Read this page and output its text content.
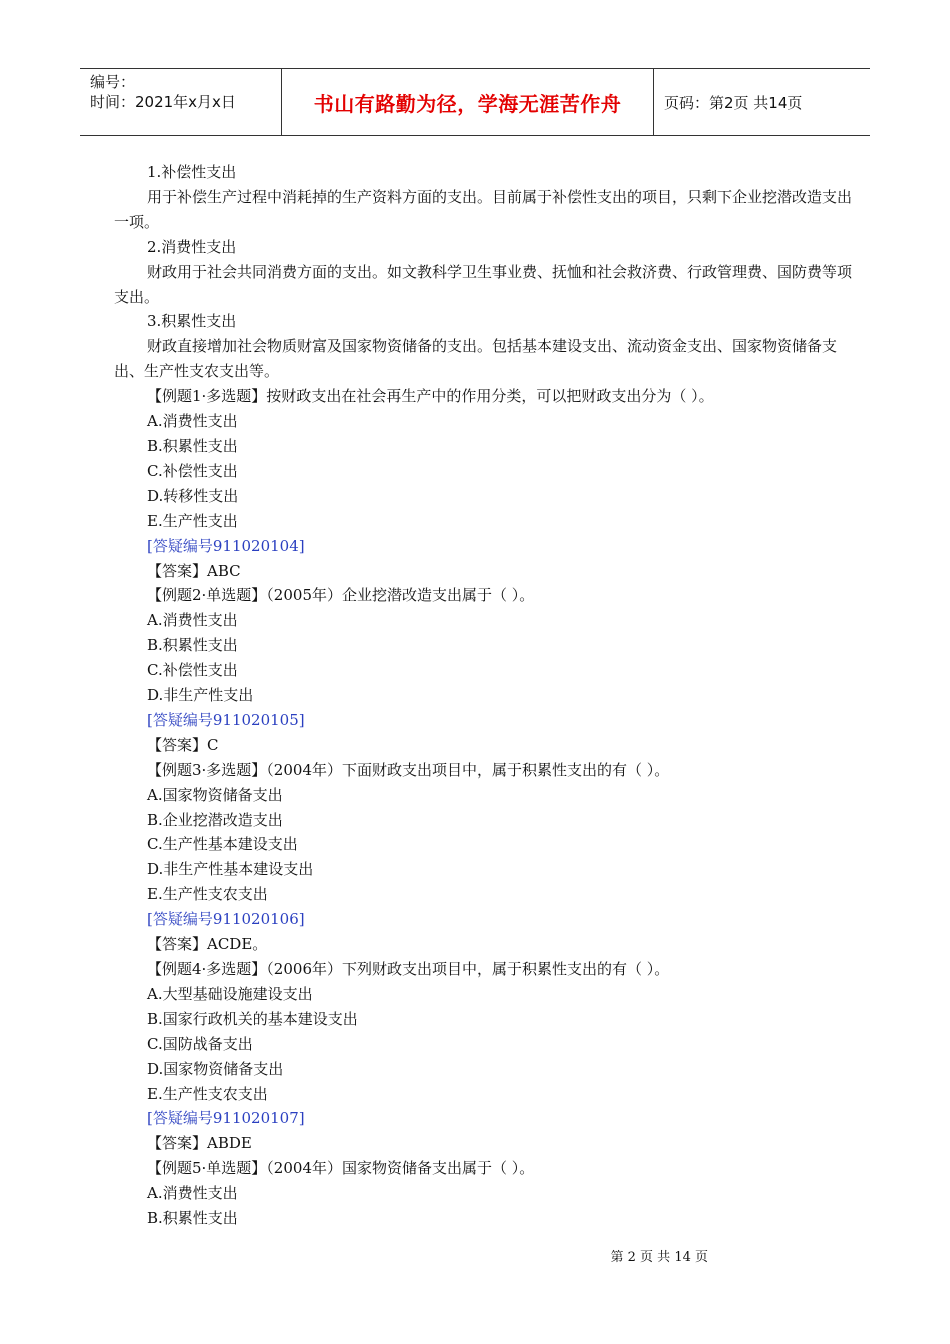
编号：
时间：2021年x月x日	书山有路勤为径，学海无涯苦作舟	页码：第2页 共14页
1.补偿性支出
用于补偿生产过程中消耗掉的生产资料方面的支出。目前属于补偿性支出的项目，只剩下企业挖潜改造支出一项。
2.消费性支出
财政用于社会共同消费方面的支出。如文教科学卫生事业费、抚恤和社会救济费、行政管理费、国防费等项支出。
3.积累性支出
财政直接增加社会物质财富及国家物资储备的支出。包括基本建设支出、流动资金支出、国家物资储备支出、生产性支农支出等。
【例题1·多选题】按财政支出在社会再生产中的作用分类，可以把财政支出分为（ ）。
A.消费性支出
B.积累性支出
C.补偿性支出
D.转移性支出
E.生产性支出
[答疑编号911020104]
【答案】ABC
【例题2·单选题】（2005年）企业挖潜改造支出属于（ ）。
A.消费性支出
B.积累性支出
C.补偿性支出
D.非生产性支出
[答疑编号911020105]
【答案】C
【例题3·多选题】（2004年）下面财政支出项目中，属于积累性支出的有（ ）。
A.国家物资储备支出
B.企业挖潜改造支出
C.生产性基本建设支出
D.非生产性基本建设支出
E.生产性支农支出
[答疑编号911020106]
【答案】ACDE。
【例题4·多选题】（2006年）下列财政支出项目中，属于积累性支出的有（ ）。
A.大型基础设施建设支出
B.国家行政机关的基本建设支出
C.国防战备支出
D.国家物资储备支出
E.生产性支农支出
[答疑编号911020107]
【答案】ABDE
【例题5·单选题】（2004年）国家物资储备支出属于（ ）。
A.消费性支出
B.积累性支出
第 2 页 共 14 页
